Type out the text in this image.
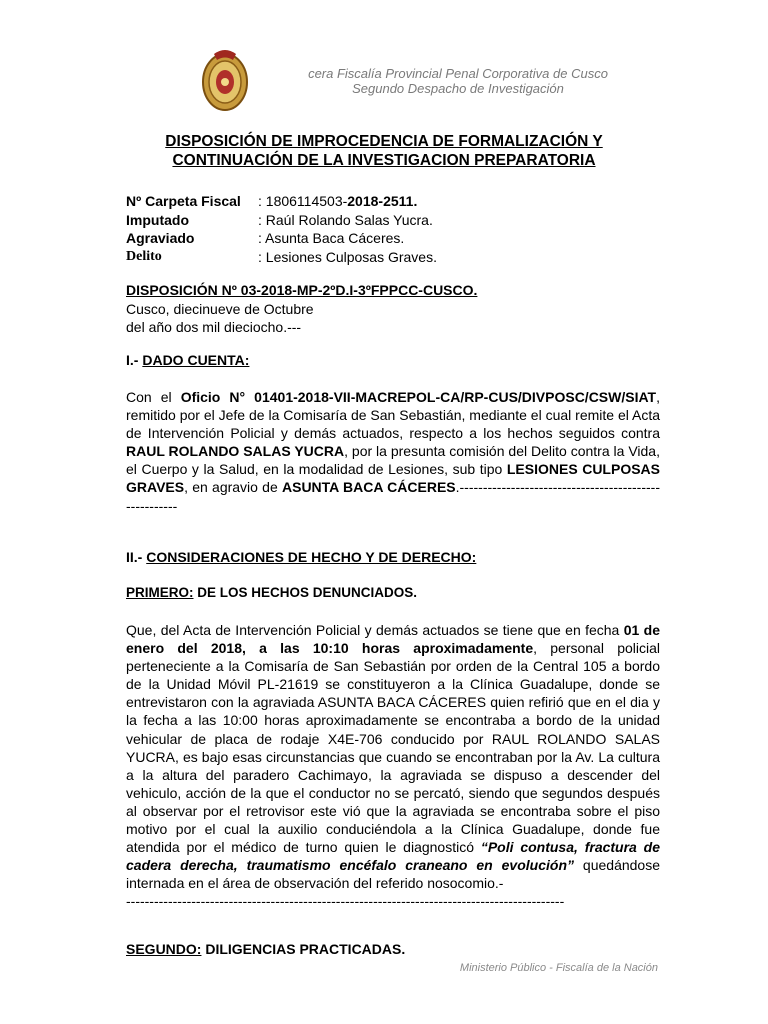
cera Fiscalía Provincial Penal Corporativa de Cusco
Segundo Despacho de Investigación
DISPOSICIÓN DE IMPROCEDENCIA DE FORMALIZACIÓN Y
CONTINUACIÓN DE LA INVESTIGACION PREPARATORIA
Nº Carpeta Fiscal	: 1806114503-2018-2511.
Imputado	: Raúl Rolando Salas Yucra.
Agraviado	: Asunta Baca Cáceres.
Delito	: Lesiones Culposas Graves.
DISPOSICIÓN Nº 03-2018-MP-2ºD.I-3ºFPPCC-CUSCO.
Cusco, diecinueve de Octubre
del año dos mil dieciocho.---
I.- DADO CUENTA:
Con el Oficio N° 01401-2018-VII-MACREPOL-CA/RP-CUS/DIVPOSC/CSW/SIAT, remitido por el Jefe de la Comisaría de San Sebastián, mediante el cual remite el Acta de Intervención Policial y demás actuados, respecto a los hechos seguidos contra RAUL ROLANDO SALAS YUCRA, por la presunta comisión del Delito contra la Vida, el Cuerpo y la Salud, en la modalidad de Lesiones, sub tipo LESIONES CULPOSAS GRAVES, en agravio de ASUNTA BACA CÁCERES.------------------------------------------------------
II.- CONSIDERACIONES DE HECHO Y DE DERECHO:
PRIMERO: DE LOS HECHOS DENUNCIADOS.
Que, del Acta de Intervención Policial y demás actuados se tiene que en fecha 01 de enero del 2018, a las 10:10 horas aproximadamente, personal policial perteneciente a la Comisaría de San Sebastián por orden de la Central 105 a bordo de la Unidad Móvil PL-21619 se constituyeron a la Clínica Guadalupe, donde se entrevistaron con la agraviada ASUNTA BACA CÁCERES quien refirió que en el dia y la fecha a las 10:00 horas aproximadamente se encontraba a bordo de la unidad vehicular de placa de rodaje X4E-706 conducido por RAUL ROLANDO SALAS YUCRA, es bajo esas circunstancias que cuando se encontraban por la Av. La cultura a la altura del paradero Cachimayo, la agraviada se dispuso a descender del vehiculo, acción de la que el conductor no se percató, siendo que segundos después al observar por el retrovisor este vió que la agraviada se encontraba sobre el piso motivo por el cual la auxilio conduciéndola a la Clínica Guadalupe, donde fue atendida por el médico de turno quien le diagnosticó “Poli contusa, fractura de cadera derecha, traumatismo encéfalo craneano en evolución” quedándose internada en el área de observación del referido nosocomio.-
----------------------------------------------------------------------------------------------
SEGUNDO: DILIGENCIAS PRACTICADAS.
Ministerio Público - Fiscalía de la Nación
